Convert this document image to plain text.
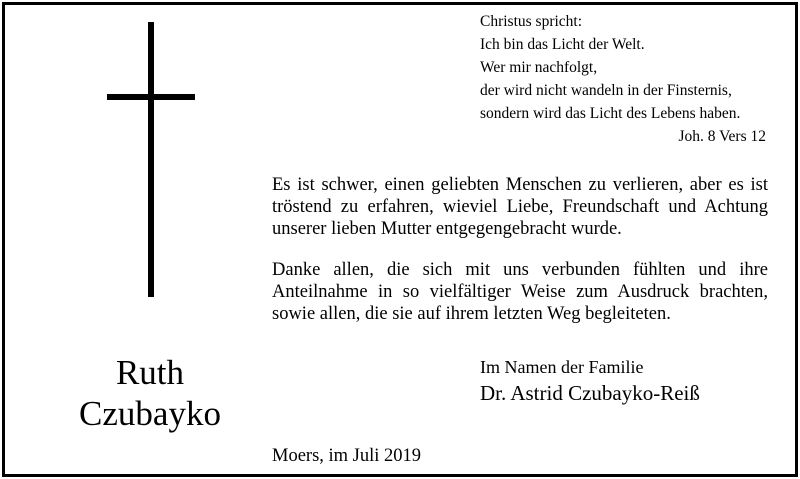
Christus spricht:
Ich bin das Licht der Welt.
Wer mir nachfolgt,
der wird nicht wandeln in der Finsternis,
sondern wird das Licht des Lebens haben.
Joh. 8 Vers 12

Es ist schwer, einen geliebten Menschen zu verlieren, aber es ist tröstend zu erfahren, wieviel Liebe, Freundschaft und Achtung unserer lieben Mutter entgegengebracht wurde.

Danke allen, die sich mit uns verbunden fühlten und ihre Anteilnahme in so vielfältiger Weise zum Ausdruck brachten, sowie allen, die sie auf ihrem letzten Weg begleiteten.

Ruth
Czubayko
Im Namen der Familie
Dr. Astrid Czubayko-Reiß
Moers, im Juli 2019
